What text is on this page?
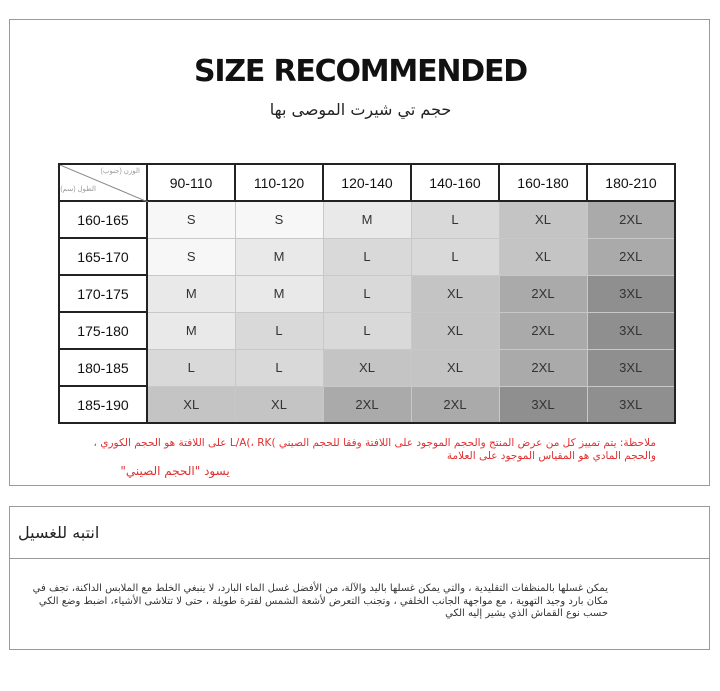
SIZE RECOMMENDED
حجم تي شيرت الموصى بها
الوزن (جنوب)
الطول (سم)	90-110	110-120	120-140	140-160	160-180	180-210
160-165	S	S	M	L	XL	2XL
165-170	S	M	L	L	XL	2XL
170-175	M	M	L	XL	2XL	3XL
175-180	M	L	L	XL	2XL	3XL
180-185	L	L	XL	XL	2XL	3XL
185-190	XL	XL	2XL	2XL	3XL	3XL
ملاحظة: يتم تمييز كل من عرض المنتج والحجم الموجود على اللافتة وفقا للحجم الصيني )L/A(، RK على اللافتة هو الحجم الكوري ، والحجم المادي هو المقياس الموجود على العلامة
يسود "الحجم الصيني"
انتبه للغسيل
يمكن غسلها بالمنظفات التقليدية ، والتي يمكن غسلها باليد والآلة، من الأفضل غسل الماء البارد، لا ينبغي الخلط مع الملابس الداكنة، تجف في مكان بارد وجيد التهوية ، مع مواجهة الجانب الخلفي ، وتجنب التعرض لأشعة الشمس لفترة طويلة ، حتى لا تتلاشى الأشياء، اضبط وضع الكي حسب نوع القماش الذي يشير إليه الكي
